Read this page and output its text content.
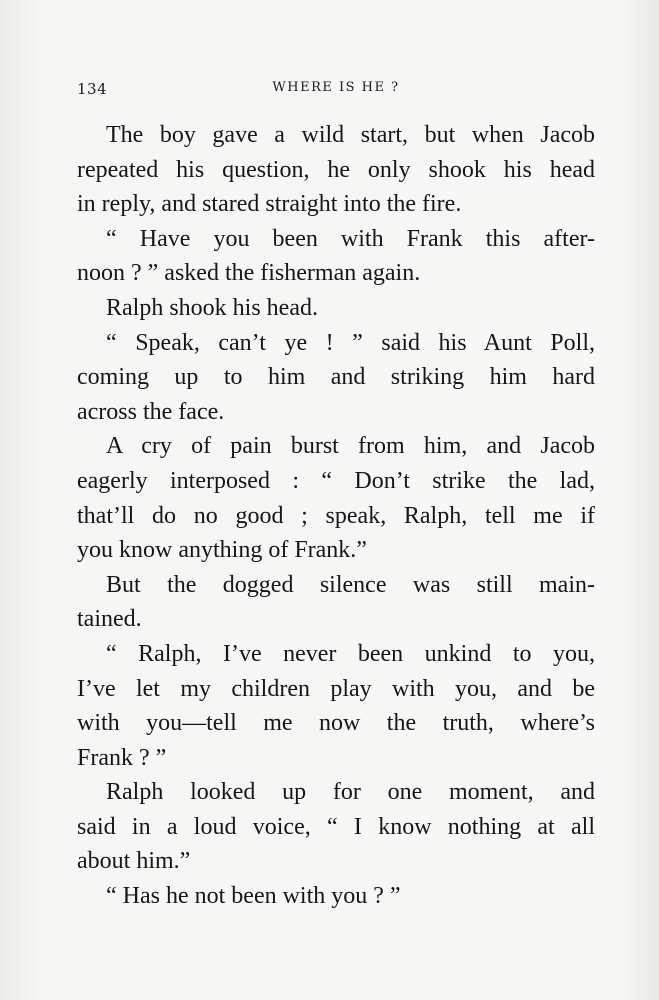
134	WHERE IS HE ?
The boy gave a wild start, but when Jacob
repeated his question, he only shook his head
in reply, and stared straight into the fire.
“ Have you been with Frank this after-
noon ? ” asked the fisherman again.
Ralph shook his head.
“ Speak, can’t ye ! ” said his Aunt Poll,
coming up to him and striking him hard
across the face.
A cry of pain burst from him, and Jacob
eagerly interposed : “ Don’t strike the lad,
that’ll do no good ; speak, Ralph, tell me if
you know anything of Frank.”
But the dogged silence was still main-
tained.
“ Ralph, I’ve never been unkind to you,
I’ve let my children play with you, and be
with you—tell me now the truth, where’s
Frank ? ”
Ralph looked up for one moment, and
said in a loud voice, “ I know nothing at all
about him.”
“ Has he not been with you ? ”
